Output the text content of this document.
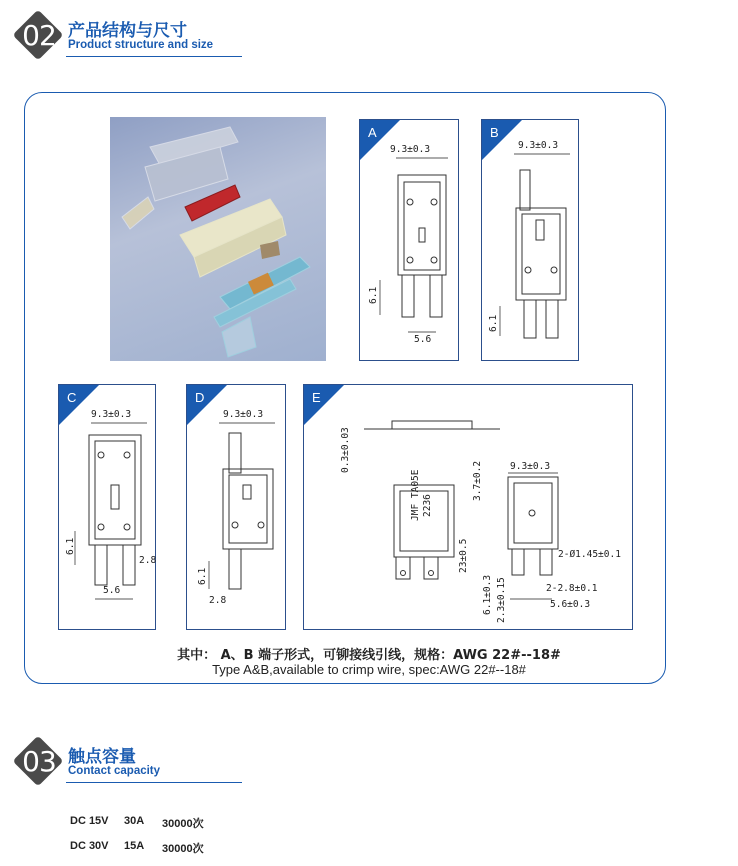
02 产品结构与尺寸
Product structure and size
A
9.3±0.3
6.1
5.6
B
9.3±0.3
6.1
C
9.3±0.3
6.1
2.8
5.6
D
9.3±0.3
6.1
2.8
E
0.3±0.03
3.7±0.2
JMF TA05E 2236
23±0.5
9.3±0.3
2-Ø1.45±0.1
2-2.8±0.1
5.6±0.3
6.1±0.3 2.3±0.15
其中： A、B 端子形式，可铆接线引线，规格：AWG 22#--18#
Type A&B,available to crimp wire, spec:AWG 22#--18#
03 触点容量
Contact capacity
DC 15V 30A 30000次
DC 30V 15A 30000次
